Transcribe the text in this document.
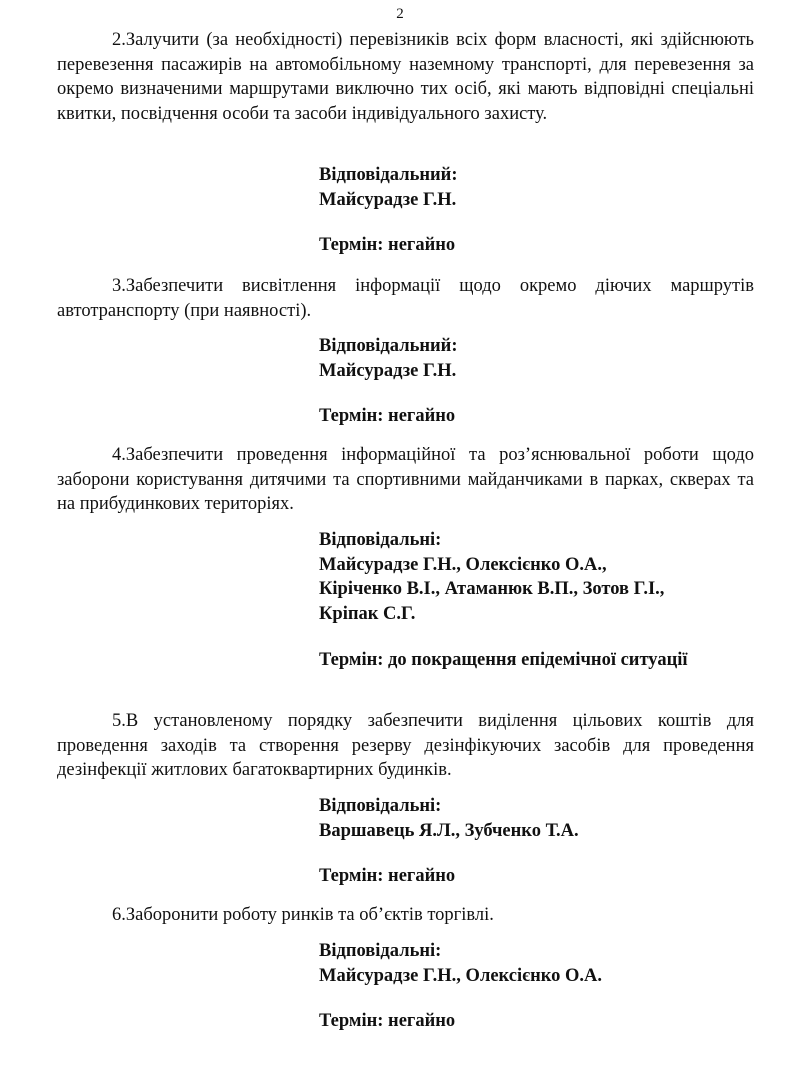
2

2.Залучити (за необхідності) перевізників всіх форм власності, які здійснюють перевезення пасажирів на автомобільному наземному транспорті, для перевезення за окремо визначеними маршрутами виключно тих осіб, які мають відповідні спеціальні квитки, посвідчення особи та засоби індивідуального захисту.

Відповідальний:
Майсурадзе Г.Н.
Термін: негайно

3.Забезпечити висвітлення інформації щодо окремо діючих маршрутів автотранспорту (при наявності).

Відповідальний:
Майсурадзе Г.Н.
Термін: негайно

4.Забезпечити проведення інформаційної та роз’яснювальної роботи щодо заборони користування дитячими та спортивними майданчиками в парках, скверах та на прибудинкових територіях.

Відповідальні:
Майсурадзе Г.Н., Олексієнко О.А.,
Кіріченко В.І., Атаманюк В.П., Зотов Г.І.,
Кріпак С.Г.
Термін: до покращення епідемічної ситуації

5.В установленому порядку забезпечити виділення цільових коштів для проведення заходів та створення резерву дезінфікуючих засобів для проведення дезінфекції житлових багатоквартирних будинків.

Відповідальні:
Варшавець Я.Л., Зубченко Т.А.
Термін: негайно

6.Заборонити роботу ринків та об’єктів торгівлі.

Відповідальні:
Майсурадзе Г.Н., Олексієнко О.А.
Термін: негайно
